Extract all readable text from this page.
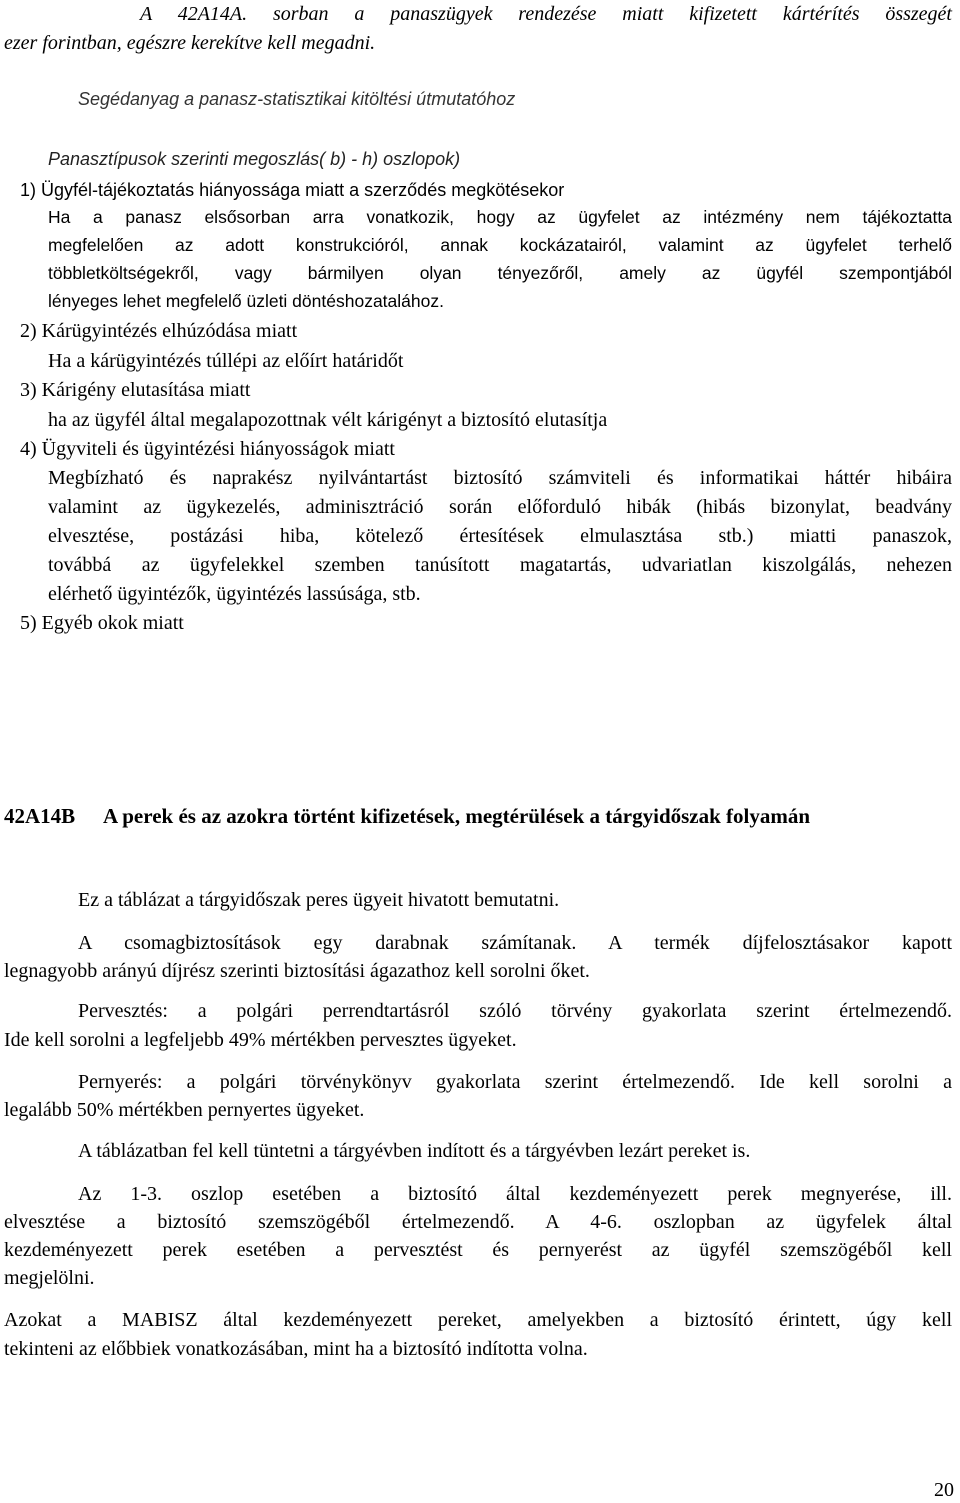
A 42A14A. sorban a panaszügyek rendezése miatt kifizetett kártérítés összegét
ezer forintban, egészre kerekítve kell megadni.
Segédanyag a panasz-statisztikai kitöltési útmutatóhoz
Panasztípusok szerinti megoszlás( b) - h) oszlopok)
1) Ügyfél-tájékoztatás hiányossága miatt a szerződés megkötésekor
Ha a panasz elsősorban arra vonatkozik, hogy az ügyfelet az intézmény nem tájékoztatta
megfelelően az adott konstrukcióról, annak kockázatairól, valamint az ügyfelet terhelő
többletköltségekről, vagy bármilyen olyan tényezőről, amely az ügyfél szempontjából
lényeges lehet megfelelő üzleti döntéshozatalához.
2) Kárügyintézés elhúzódása miatt
Ha a kárügyintézés túllépi az előírt határidőt
3) Kárigény elutasítása miatt
ha az ügyfél által megalapozottnak vélt kárigényt a biztosító elutasítja
4) Ügyviteli és ügyintézési hiányosságok miatt
Megbízható és naprakész nyilvántartást biztosító számviteli és informatikai háttér hibáira
valamint az ügykezelés, adminisztráció során előforduló hibák (hibás bizonylat, beadvány
elvesztése, postázási hiba, kötelező értesítések elmulasztása stb.) miatti panaszok,
továbbá az ügyfelekkel szemben tanúsított magatartás, udvariatlan kiszolgálás, nehezen
elérhető ügyintézők, ügyintézés lassúsága, stb.
5) Egyéb okok miatt
42A14B A perek és az azokra történt kifizetések, megtérülések a tárgyidőszak folyamán
Ez a táblázat a tárgyidőszak peres ügyeit hivatott bemutatni.
A csomagbiztosítások egy darabnak számítanak. A termék díjfelosztásakor kapott
legnagyobb arányú díjrész szerinti biztosítási ágazathoz kell sorolni őket.
Pervesztés: a polgári perrendtartásról szóló törvény gyakorlata szerint értelmezendő.
Ide kell sorolni a legfeljebb 49% mértékben pervesztes ügyeket.
Pernyerés: a polgári törvénykönyv gyakorlata szerint értelmezendő. Ide kell sorolni a
legalább 50% mértékben pernyertes ügyeket.
A táblázatban fel kell tüntetni a tárgyévben indított és a tárgyévben lezárt pereket is.
Az 1-3. oszlop esetében a biztosító által kezdeményezett perek megnyerése, ill.
elvesztése a biztosító szemszögéből értelmezendő. A 4-6. oszlopban az ügyfelek által
kezdeményezett perek esetében a pervesztést és pernyerést az ügyfél szemszögéből kell
megjelölni.
Azokat a MABISZ által kezdeményezett pereket, amelyekben a biztosító érintett, úgy kell
tekinteni az előbbiek vonatkozásában, mint ha a biztosító indította volna.
20
